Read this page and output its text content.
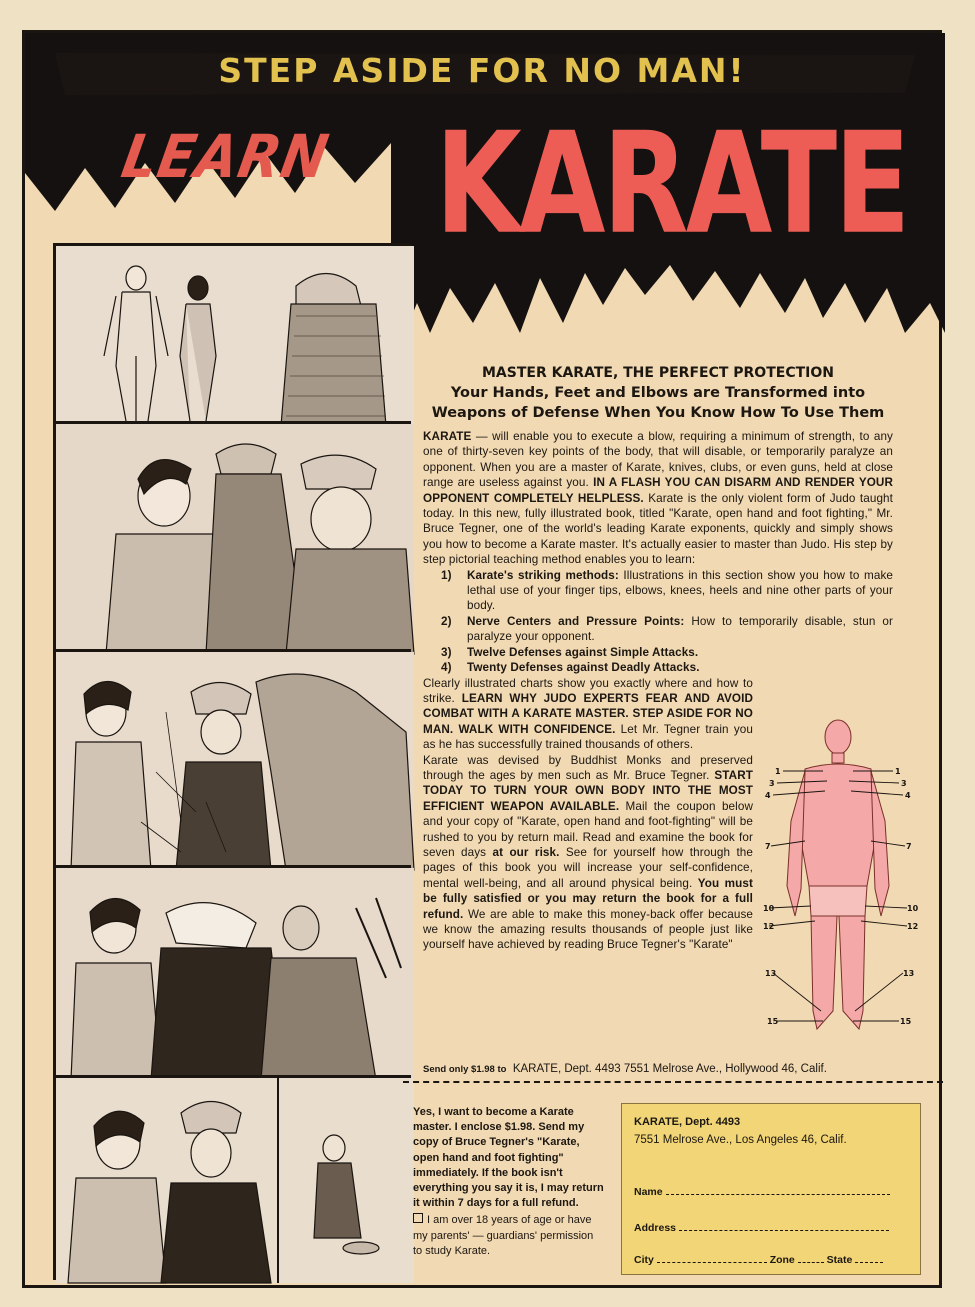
STEP ASIDE FOR NO MAN!
LEARN KARATE
MASTER KARATE, THE PERFECT PROTECTION
Your Hands, Feet and Elbows are Transformed into
Weapons of Defense When You Know How To Use Them
KARATE — will enable you to execute a blow, requiring a minimum of strength, to any one of thirty-seven key points of the body, that will disable, or temporarily paralyze an opponent. When you are a master of Karate, knives, clubs, or even guns, held at close range are useless against you. IN A FLASH YOU CAN DISARM AND RENDER YOUR OPPONENT COMPLETELY HELPLESS. Karate is the only violent form of Judo taught today. In this new, fully illustrated book, titled "Karate, open hand and foot fighting," Mr. Bruce Tegner, one of the world's leading Karate exponents, quickly and simply shows you how to become a Karate master. It's actually easier to master than Judo. His step by step pictorial teaching method enables you to learn:
1)	Karate's striking methods: Illustrations in this section show you how to make lethal use of your finger tips, elbows, knees, heels and nine other parts of your body.
2)	Nerve Centers and Pressure Points: How to temporarily disable, stun or paralyze your opponent.
3)	Twelve Defenses against Simple Attacks.
4)	Twenty Defenses against Deadly Attacks.
Clearly illustrated charts show you exactly where and how to strike. LEARN WHY JUDO EXPERTS FEAR AND AVOID COMBAT WITH A KARATE MASTER. STEP ASIDE FOR NO MAN. WALK WITH CONFIDENCE. Let Mr. Tegner train you as he has successfully trained thousands of others.
Karate was devised by Buddhist Monks and preserved through the ages by men such as Mr. Bruce Tegner. START TODAY TO TURN YOUR OWN BODY INTO THE MOST EFFICIENT WEAPON AVAILABLE. Mail the coupon below and your copy of "Karate, open hand and foot-fighting" will be rushed to you by return mail. Read and examine the book for seven days at our risk. See for yourself how through the pages of this book you will increase your self-confidence, mental well-being, and all around physical being. You must be fully satisfied or you may return the book for a full refund. We are able to make this money-back offer because we know the amazing results thousands of people just like yourself have achieved by reading Bruce Tegner's "Karate"
1
3
4
7
10
12
13
15
1
3
4
7
10
12
13
15
Send only $1.98 to KARATE, Dept. 4493 7551 Melrose Ave., Hollywood 46, Calif.
Yes, I want to become a Karate master. I enclose $1.98. Send my copy of Bruce Tegner's "Karate, open hand and foot fighting" immediately. If the book isn't everything you say it is, I may return it within 7 days for a full refund.
I am over 18 years of age or have my parents' — guardians' permission to study Karate.
KARATE, Dept. 4493
7551 Melrose Ave., Los Angeles 46, Calif.
Name
Address
City	Zone	State
